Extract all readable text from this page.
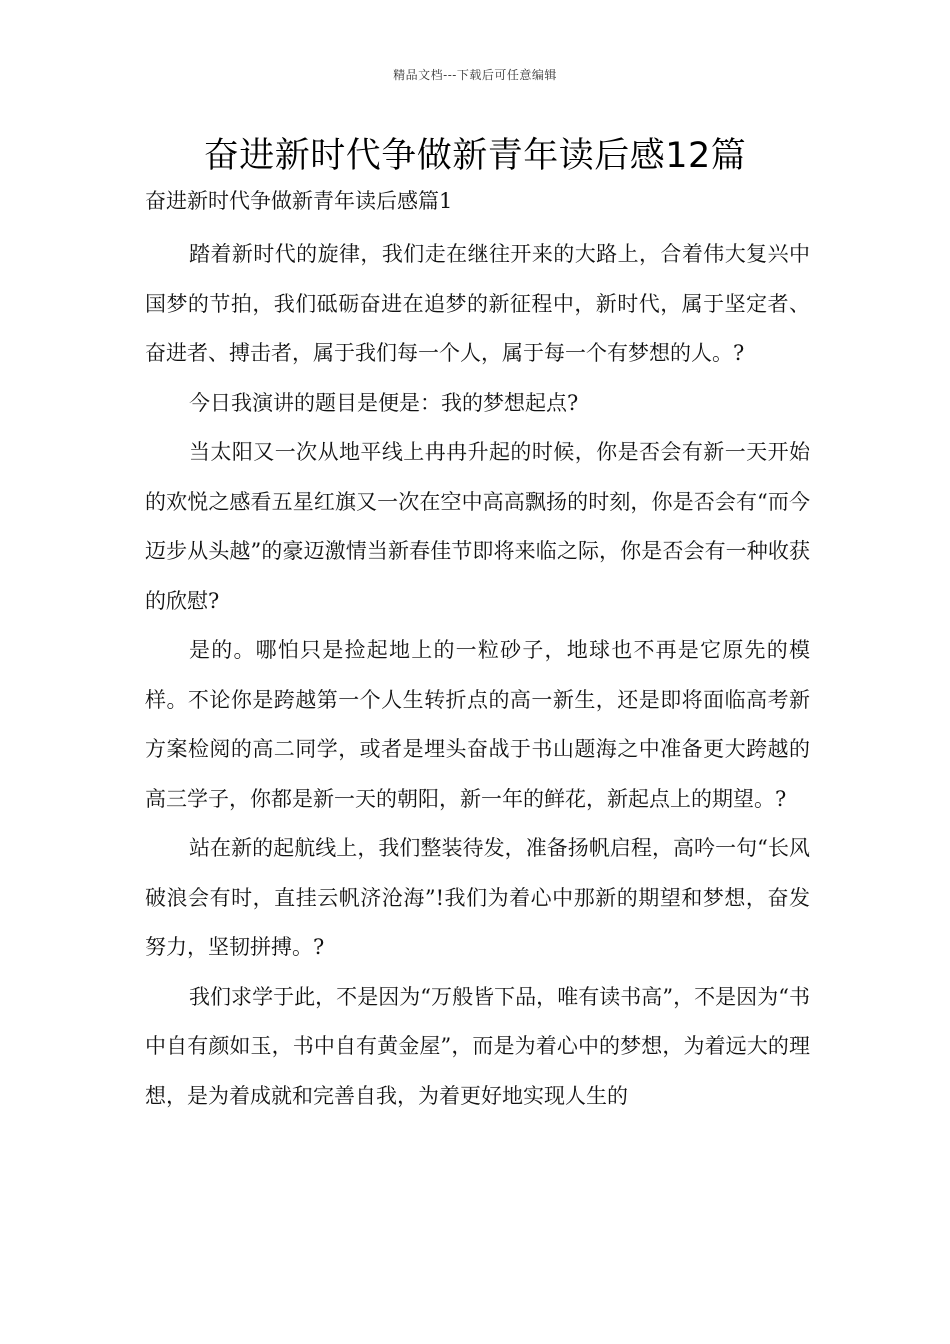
精品文档---下载后可任意编辑
奋进新时代争做新青年读后感12篇
奋进新时代争做新青年读后感篇1

踏着新时代的旋律，我们走在继往开来的大路上，合着伟大复兴中国梦的节拍，我们砥砺奋进在追梦的新征程中，新时代，属于坚定者、奋进者、搏击者，属于我们每一个人，属于每一个有梦想的人。?

今日我演讲的题目是便是：我的梦想起点?

当太阳又一次从地平线上冉冉升起的时候，你是否会有新一天开始的欢悦之感看五星红旗又一次在空中高高飘扬的时刻，你是否会有“而今迈步从头越”的豪迈激情当新春佳节即将来临之际，你是否会有一种收获的欣慰?

是的。哪怕只是捡起地上的一粒砂子，地球也不再是它原先的模样。不论你是跨越第一个人生转折点的高一新生，还是即将面临高考新方案检阅的高二同学，或者是埋头奋战于书山题海之中准备更大跨越的高三学子，你都是新一天的朝阳，新一年的鲜花，新起点上的期望。?

站在新的起航线上，我们整装待发，准备扬帆启程，高吟一句“长风破浪会有时，直挂云帆济沧海”!我们为着心中那新的期望和梦想，奋发努力，坚韧拼搏。?

我们求学于此，不是因为“万般皆下品，唯有读书高”，不是因为“书中自有颜如玉，书中自有黄金屋”，而是为着心中的梦想，为着远大的理想，是为着成就和完善自我，为着更好地实现人生的
